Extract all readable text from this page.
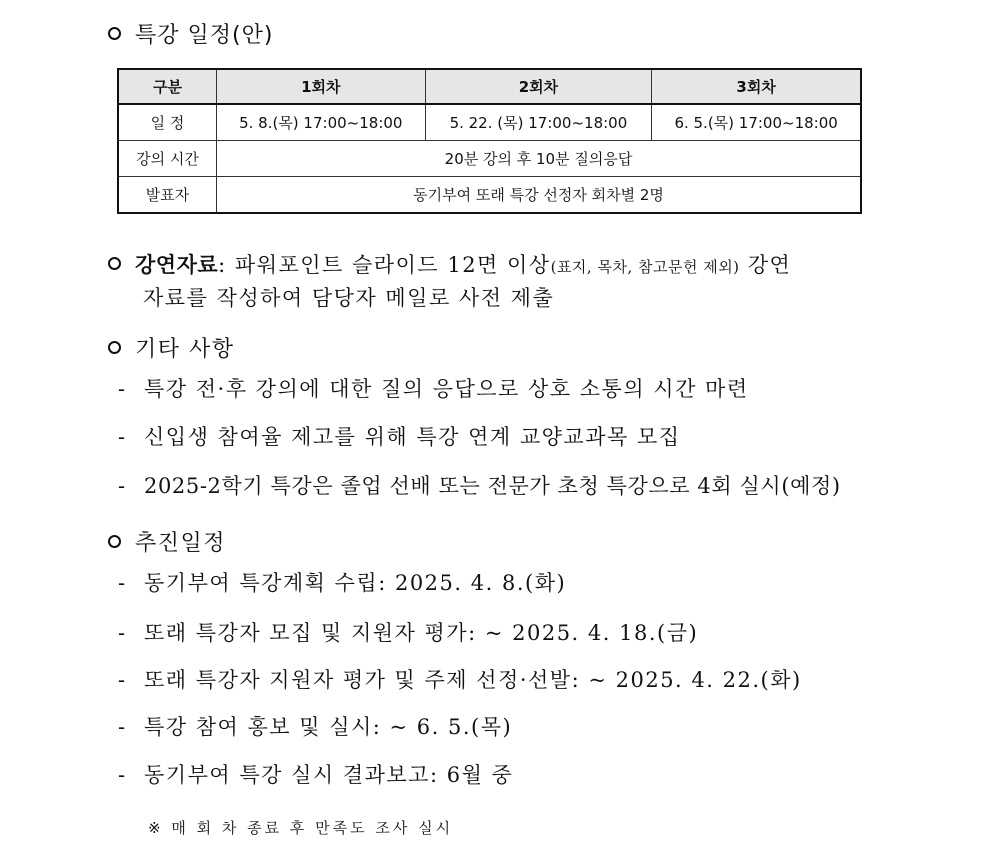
특강 일정(안)
구분	1회차	2회차	3회차
일 정	5. 8.(목) 17:00~18:00	5. 22. (목) 17:00~18:00	6. 5.(목) 17:00~18:00
강의 시간	20분 강의 후 10분 질의응답		
발표자	동기부여 또래 특강 선정자 회차별 2명		
강연자료: 파워포인트 슬라이드 12면 이상(표지, 목차, 참고문헌 제외) 강연
자료를 작성하여 담당자 메일로 사전 제출
기타 사항
- 특강 전·후 강의에 대한 질의 응답으로 상호 소통의 시간 마련
- 신입생 참여율 제고를 위해 특강 연계 교양교과목 모집
- 2025-2학기 특강은 졸업 선배 또는 전문가 초청 특강으로 4회 실시(예정)
추진일정
- 동기부여 특강계획 수립: 2025. 4. 8.(화)
- 또래 특강자 모집 및 지원자 평가: ~ 2025. 4. 18.(금)
- 또래 특강자 지원자 평가 및 주제 선정·선발: ~ 2025. 4. 22.(화)
- 특강 참여 홍보 및 실시: ~ 6. 5.(목)
- 동기부여 특강 실시 결과보고: 6월 중
※ 매 회 차 종료 후 만족도 조사 실시
